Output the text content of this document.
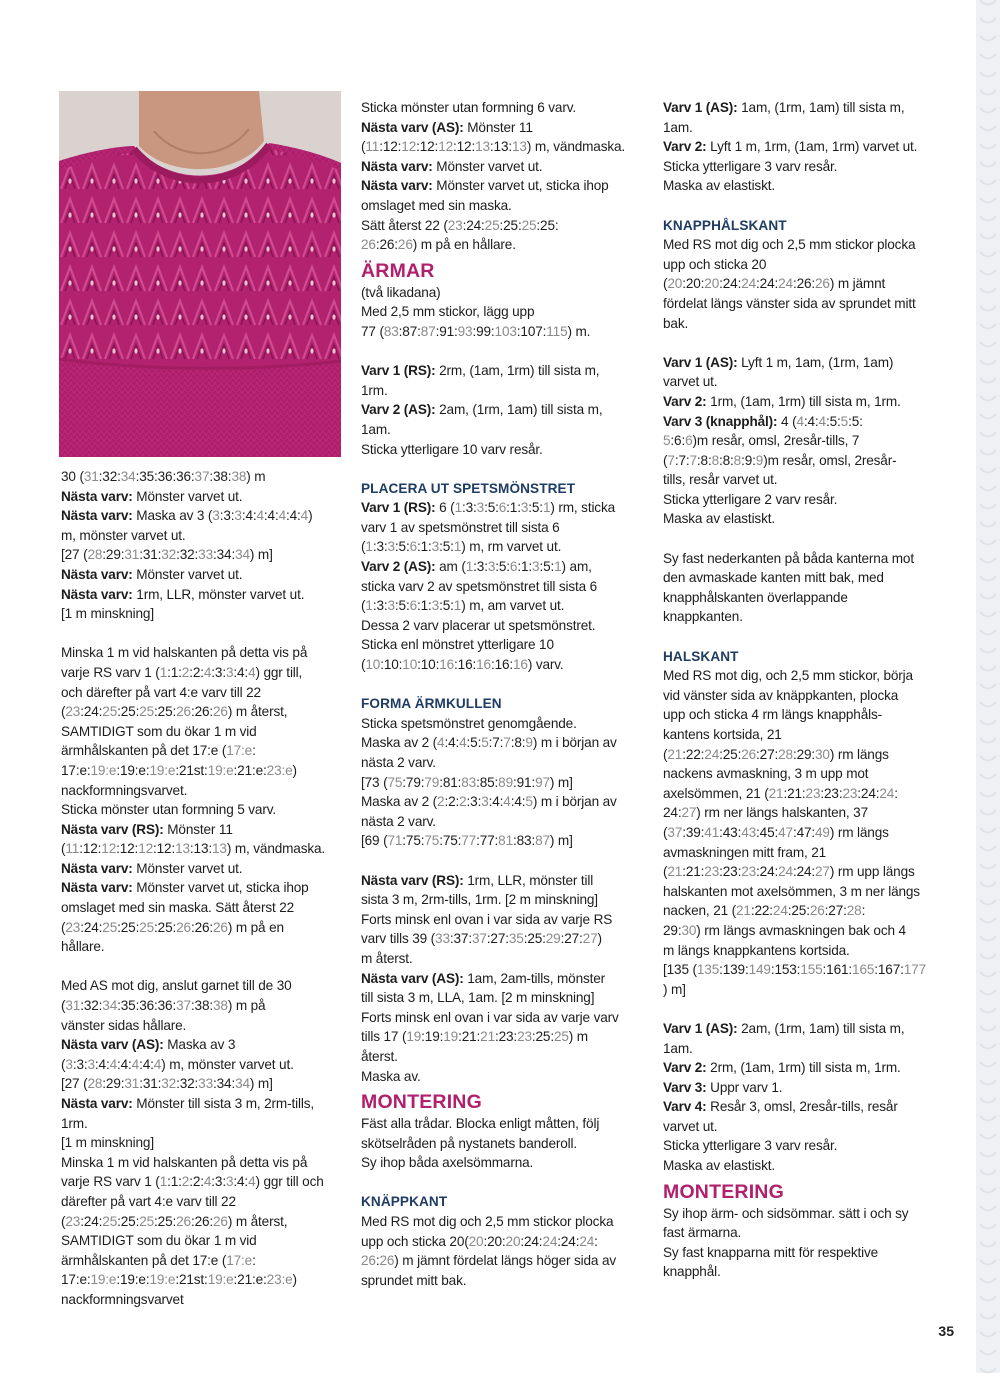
30 (31:32:34:35:36:36:37:38:38) m

Nästa varv: Mönster varvet ut.

Nästa varv: Maska av 3 (3:3:3:4:4:4:4:4:4)

m, mönster varvet ut.

[27 (28:29:31:31:32:32:33:34:34) m]

Nästa varv: Mönster varvet ut.

Nästa varv: 1rm, LLR, mönster varvet ut.

[1 m minskning]

Minska 1 m vid halskanten på detta vis på

varje RS varv 1 (1:1:2:2:4:3:3:4:4) ggr till,

och därefter på vart 4:e varv till 22

(23:24:25:25:25:25:26:26:26) m återst,

SAMTIDIGT som du ökar 1 m vid

ärmhålskanten på det 17:e (17:e:

17:e:19:e:19:e:19:e:21st:19:e:21:e:23:e)

nackformningsvarvet.

Sticka mönster utan formning 5 varv.

Nästa varv (RS): Mönster 11

(11:12:12:12:12:12:13:13:13) m, vändmaska.

Nästa varv: Mönster varvet ut.

Nästa varv: Mönster varvet ut, sticka ihop

omslaget med sin maska. Sätt återst 22

(23:24:25:25:25:25:26:26:26) m på en

hållare.

Med AS mot dig, anslut garnet till de 30

(31:32:34:35:36:36:37:38:38) m på

vänster sidas hållare.

Nästa varv (AS): Maska av 3

(3:3:3:4:4:4:4:4:4) m, mönster varvet ut.

[27 (28:29:31:31:32:32:33:34:34) m]

Nästa varv: Mönster till sista 3 m, 2rm-tills,

1rm.

[1 m minskning]

Minska 1 m vid halskanten på detta vis på

varje RS varv 1 (1:1:2:2:4:3:3:4:4) ggr till och

därefter på vart 4:e varv till 22

(23:24:25:25:25:25:26:26:26) m återst,

SAMTIDIGT som du ökar 1 m vid

ärmhålskanten på det 17:e (17:e:

17:e:19:e:19:e:19:e:21st:19:e:21:e:23:e)

nackformningsvarvet

Sticka mönster utan formning 6 varv.

Nästa varv (AS): Mönster 11

(11:12:12:12:12:12:13:13:13) m, vändmaska.

Nästa varv: Mönster varvet ut.

Nästa varv: Mönster varvet ut, sticka ihop

omslaget med sin maska.

Sätt återst 22 (23:24:25:25:25:25:

26:26:26) m på en hållare.

ÄRMAR

(två likadana)

Med 2,5 mm stickor, lägg upp

77 (83:87:87:91:93:99:103:107:115) m.

Varv 1 (RS): 2rm, (1am, 1rm) till sista m,

1rm.

Varv 2 (AS): 2am, (1rm, 1am) till sista m,

1am.

Sticka ytterligare 10 varv resår.

PLACERA UT SPETSMÖNSTRET

Varv 1 (RS): 6 (1:3:3:5:6:1:3:5:1) rm, sticka

varv 1 av spetsmönstret till sista 6

(1:3:3:5:6:1:3:5:1) m, rm varvet ut.

Varv 2 (AS): am (1:3:3:5:6:1:3:5:1) am,

sticka varv 2 av spetsmönstret till sista 6

(1:3:3:5:6:1:3:5:1) m, am varvet ut.

Dessa 2 varv placerar ut spetsmönstret.

Sticka enl mönstret ytterligare 10

(10:10:10:10:16:16:16:16:16) varv.

FORMA ÄRMKULLEN

Sticka spetsmönstret genomgående.

Maska av 2 (4:4:4:5:5:7:7:8:9) m i början av

nästa 2 varv.

[73 (75:79:79:81:83:85:89:91:97) m]

Maska av 2 (2:2:2:3:3:4:4:4:5) m i början av

nästa 2 varv.

[69 (71:75:75:75:77:77:81:83:87) m]

Nästa varv (RS): 1rm, LLR, mönster till

sista 3 m, 2rm-tills, 1rm. [2 m minskning]

Forts minsk enl ovan i var sida av varje RS

varv tills 39 (33:37:37:27:35:25:29:27:27)

m återst.

Nästa varv (AS): 1am, 2am-tills, mönster

till sista 3 m, LLA, 1am. [2 m minskning]

Forts minsk enl ovan i var sida av varje varv

tills 17 (19:19:19:21:21:23:23:25:25) m

återst.

Maska av.

MONTERING

Fäst alla trådar. Blocka enligt måtten, följ

skötselråden på nystanets banderoll.

Sy ihop båda axelsömmarna.

KNÄPPKANT

Med RS mot dig och 2,5 mm stickor plocka

upp och sticka 20(20:20:20:24:24:24:24:

26:26) m jämnt fördelat längs höger sida av

sprundet mitt bak.

Varv 1 (AS): 1am, (1rm, 1am) till sista m,

1am.

Varv 2: Lyft 1 m, 1rm, (1am, 1rm) varvet ut.

Sticka ytterligare 3 varv resår.

Maska av elastiskt.

KNAPPHÅLSKANT

Med RS mot dig och 2,5 mm stickor plocka

upp och sticka 20

(20:20:20:24:24:24:24:26:26) m jämnt

fördelat längs vänster sida av sprundet mitt

bak.

Varv 1 (AS): Lyft 1 m, 1am, (1rm, 1am)

varvet ut.

Varv 2: 1rm, (1am, 1rm) till sista m, 1rm.

Varv 3 (knapphål): 4 (4:4:4:5:5:5:

5:6:6)m resår, omsl, 2resår-tills, 7

(7:7:7:8:8:8:8:9:9)m resår, omsl, 2resår-

tills, resår varvet ut.

Sticka ytterligare 2 varv resår.

Maska av elastiskt.

Sy fast nederkanten på båda kanterna mot

den avmaskade kanten mitt bak, med

knapphålskanten överlappande

knappkanten.

HALSKANT

Med RS mot dig, och 2,5 mm stickor, börja

vid vänster sida av knäppkanten, plocka

upp och sticka 4 rm längs knapphåls-

kantens kortsida, 21

(21:22:24:25:26:27:28:29:30) rm längs

nackens avmaskning, 3 m upp mot

axelsömmen, 21 (21:21:23:23:23:24:24:

24:27) rm ner längs halskanten, 37

(37:39:41:43:43:45:47:47:49) rm längs

avmaskningen mitt fram, 21

(21:21:23:23:23:24:24:24:27) rm upp längs

halskanten mot axelsömmen, 3 m ner längs

nacken, 21 (21:22:24:25:26:27:28:

29:30) rm längs avmaskningen bak och 4

m längs knappkantens kortsida.

[135 (135:139:149:153:155:161:165:167:177

) m]

Varv 1 (AS): 2am, (1rm, 1am) till sista m,

1am.

Varv 2: 2rm, (1am, 1rm) till sista m, 1rm.

Varv 3: Uppr varv 1.

Varv 4: Resår 3, omsl, 2resår-tills, resår

varvet ut.

Sticka ytterligare 3 varv resår.

Maska av elastiskt.

MONTERING

Sy ihop ärm- och sidsömmar. sätt i och sy

fast ärmarna.

Sy fast knapparna mitt för respektive

knapphål.

35
